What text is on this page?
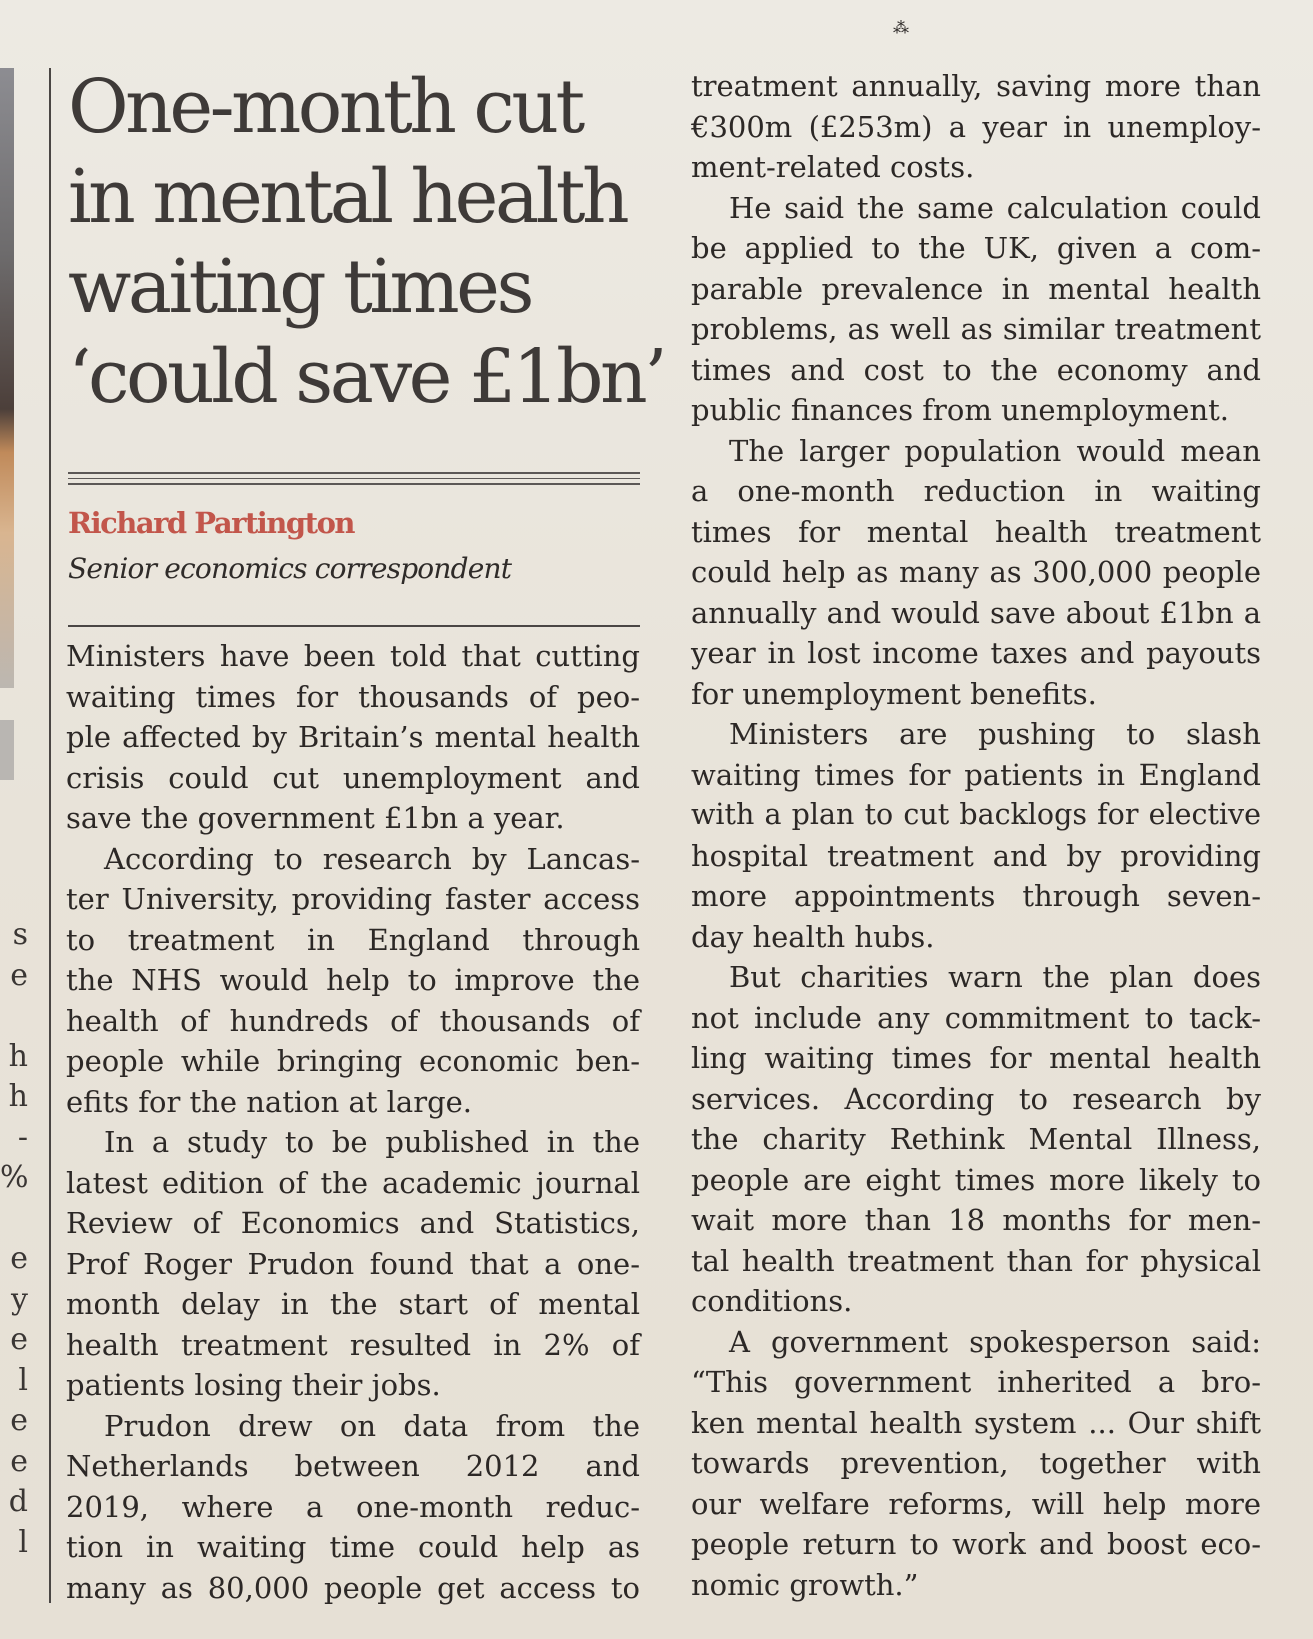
s
e
h
h
-
%
e
y
e
l
e
e
d
l
⁂
One-month cut
in mental health
waiting times
‘could save £1bn’
Richard Partington
Senior economics correspondent
Ministers have been told that cutting
waiting times for thousands of peo-
ple affected by Britain’s mental health
crisis could cut unemployment and
save the government £1bn a year.
According to research by Lancas-
ter University, providing faster access
to treatment in England through
the NHS would help to improve the
health of hundreds of thousands of
people while bringing economic ben-
efits for the nation at large.
In a study to be published in the
latest edition of the academic journal
Review of Economics and Statistics,
Prof Roger Prudon found that a one-
month delay in the start of mental
health treatment resulted in 2% of
patients losing their jobs.
Prudon drew on data from the
Netherlands between 2012 and
2019, where a one-month reduc-
tion in waiting time could help as
many as 80,000 people get access to
treatment annually, saving more than
€300m (£253m) a year in unemploy-
ment-related costs.
He said the same calculation could
be applied to the UK, given a com-
parable prevalence in mental health
problems, as well as similar treatment
times and cost to the economy and
public finances from unemployment.
The larger population would mean
a one-month reduction in waiting
times for mental health treatment
could help as many as 300,000 people
annually and would save about £1bn a
year in lost income taxes and payouts
for unemployment benefits.
Ministers are pushing to slash
waiting times for patients in England
with a plan to cut backlogs for elective
hospital treatment and by providing
more appointments through seven-
day health hubs.
But charities warn the plan does
not include any commitment to tack-
ling waiting times for mental health
services. According to research by
the charity Rethink Mental Illness,
people are eight times more likely to
wait more than 18 months for men-
tal health treatment than for physical
conditions.
A government spokesperson said:
“This government inherited a bro-
ken mental health system ... Our shift
towards prevention, together with
our welfare reforms, will help more
people return to work and boost eco-
nomic growth.”
